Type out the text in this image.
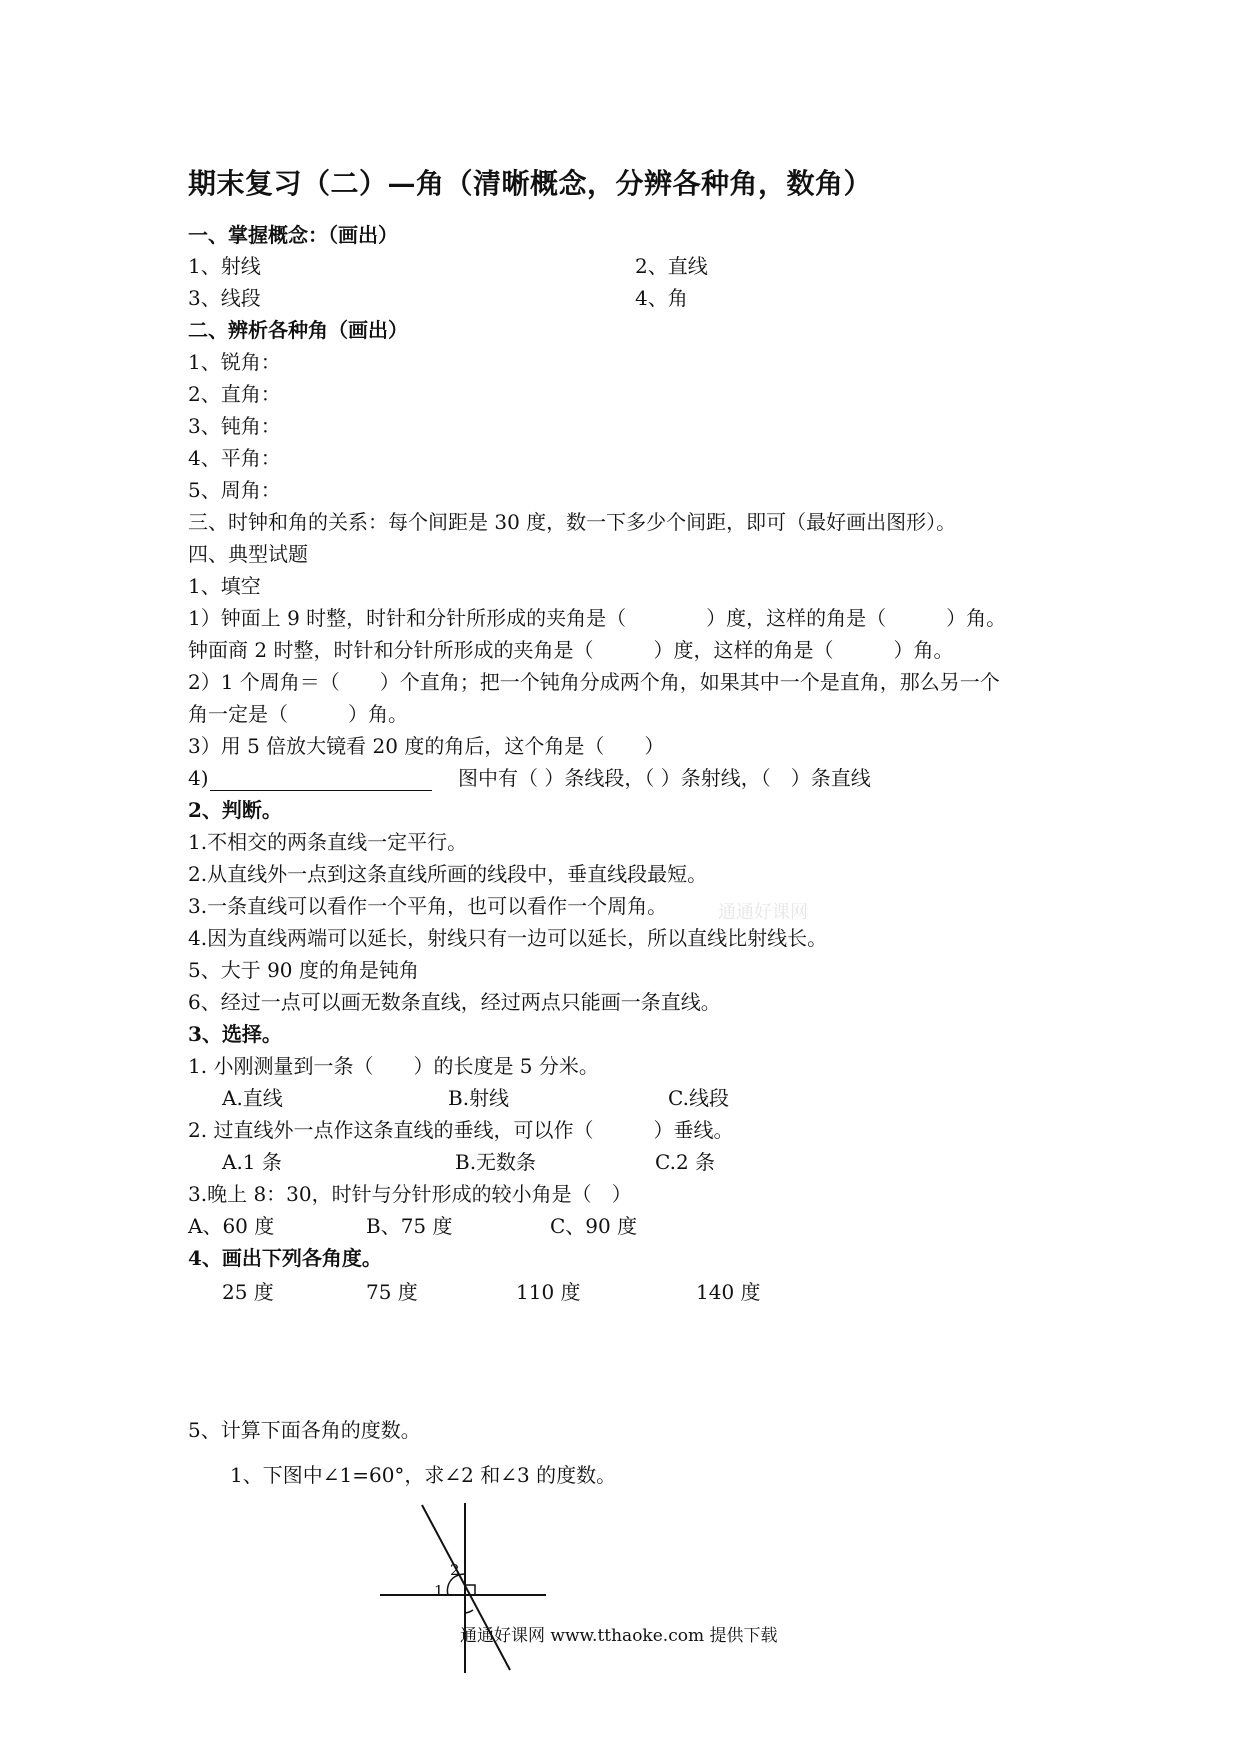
期末复习（二）—角（清晰概念，分辨各种角，数角）
一、掌握概念：（画出）
1、射线	2、直线
3、线段	4、角
二、辨析各种角（画出）
1、锐角：
2、直角：
3、钝角：
4、平角：
5、周角：
三、时钟和角的关系：每个间距是 30 度，数一下多少个间距，即可（最好画出图形）。
四、典型试题
1、填空
1）钟面上 9 时整，时针和分针所形成的夹角是（　　　　）度，这样的角是（　　　）角。
钟面商 2 时整，时针和分针所形成的夹角是（　　　）度，这样的角是（　　　）角。
2）1 个周角＝（　　）个直角；把一个钝角分成两个角，如果其中一个是直角，那么另一个
角一定是（　　　）角。
3）用 5 倍放大镜看 20 度的角后，这个角是（　　）
4)	图中有（ ）条线段，（ ）条射线，（　）条直线
2、判断。
1.不相交的两条直线一定平行。
2.从直线外一点到这条直线所画的线段中，垂直线段最短。
3.一条直线可以看作一个平角，也可以看作一个周角。	通通好课网
4.因为直线两端可以延长，射线只有一边可以延长，所以直线比射线长。
5、大于 90 度的角是钝角
6、经过一点可以画无数条直线，经过两点只能画一条直线。
3、选择。
1. 小刚测量到一条（　　）的长度是 5 分米。
A.直线	B.射线	C.线段
2. 过直线外一点作这条直线的垂线，可以作（　　　）垂线。
A.1 条	B.无数条	C.2 条
3.晚上 8：30，时针与分针形成的较小角是（　）
A、60 度	B、75 度	C、90 度
4、画出下列各角度。
25 度	75 度	110 度	140 度
5、计算下面各角的度数。
1、下图中∠1=60°，求∠2 和∠3 的度数。
1
2
通通好课网 www.tthaoke.com 提供下载
